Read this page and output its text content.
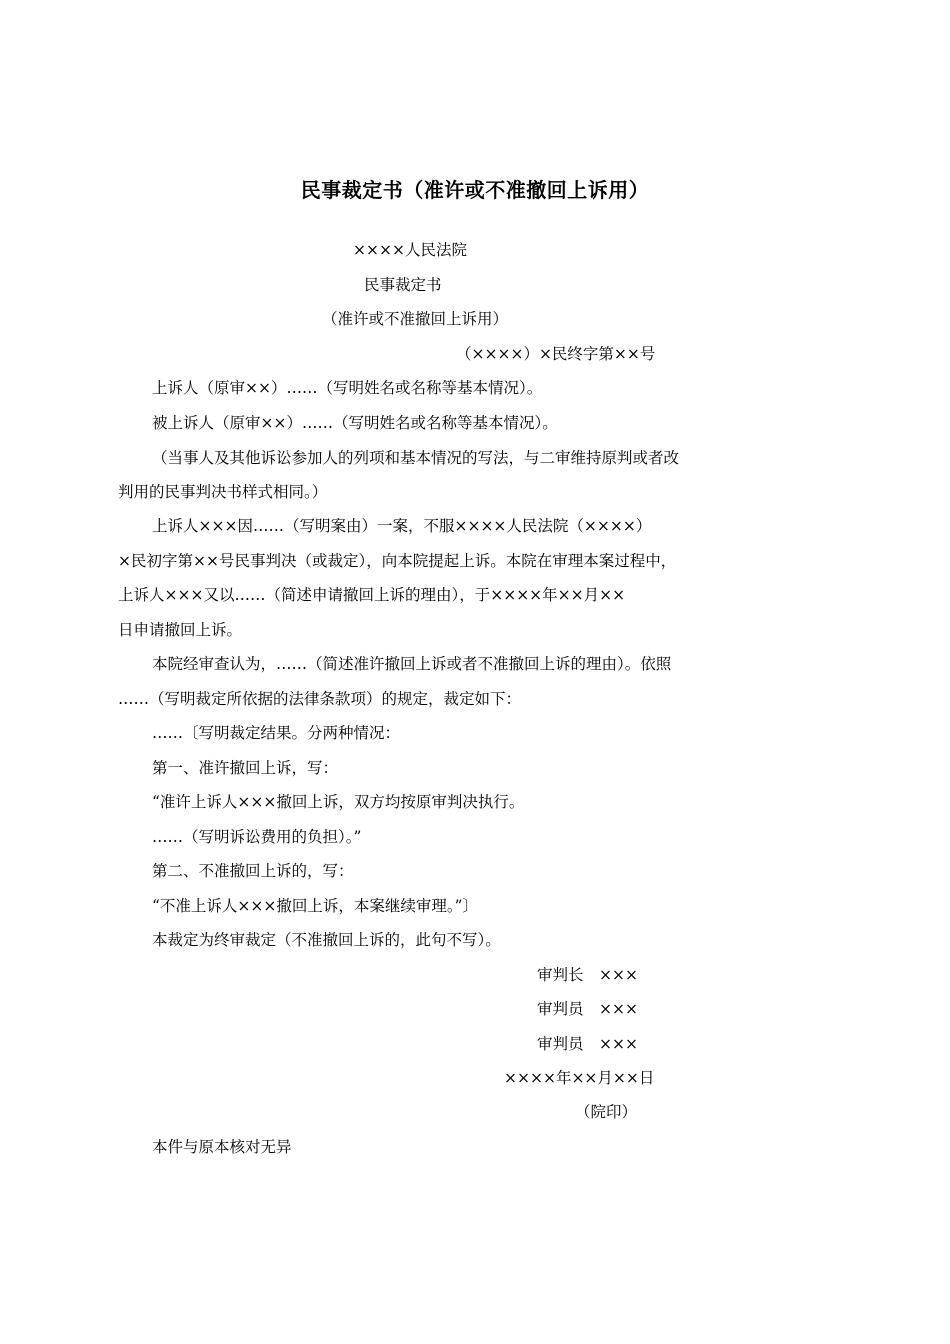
民事裁定书（准许或不准撤回上诉用）
××××人民法院
民事裁定书
（准许或不准撤回上诉用）
（××××）×民终字第××号
上诉人（原审××）……（写明姓名或名称等基本情况）。
被上诉人（原审××）……（写明姓名或名称等基本情况）。
（当事人及其他诉讼参加人的列项和基本情况的写法，与二审维持原判或者改
判用的民事判决书样式相同。）
上诉人×××因……（写明案由）一案，不服××××人民法院（××××）
×民初字第××号民事判决（或裁定），向本院提起上诉。本院在审理本案过程中，
上诉人×××又以……（简述申请撤回上诉的理由），于××××年××月××
日申请撤回上诉。
本院经审查认为，……（简述准许撤回上诉或者不准撤回上诉的理由）。依照
……（写明裁定所依据的法律条款项）的规定，裁定如下：
……〔写明裁定结果。分两种情况：
第一、准许撤回上诉，写：
“准许上诉人×××撤回上诉，双方均按原审判决执行。
……（写明诉讼费用的负担）。”
第二、不准撤回上诉的，写：
“不准上诉人×××撤回上诉，本案继续审理。”〕
本裁定为终审裁定（不准撤回上诉的，此句不写）。
审判长　×××
审判员　×××
审判员　×××
××××年××月××日
（院印）
本件与原本核对无异
